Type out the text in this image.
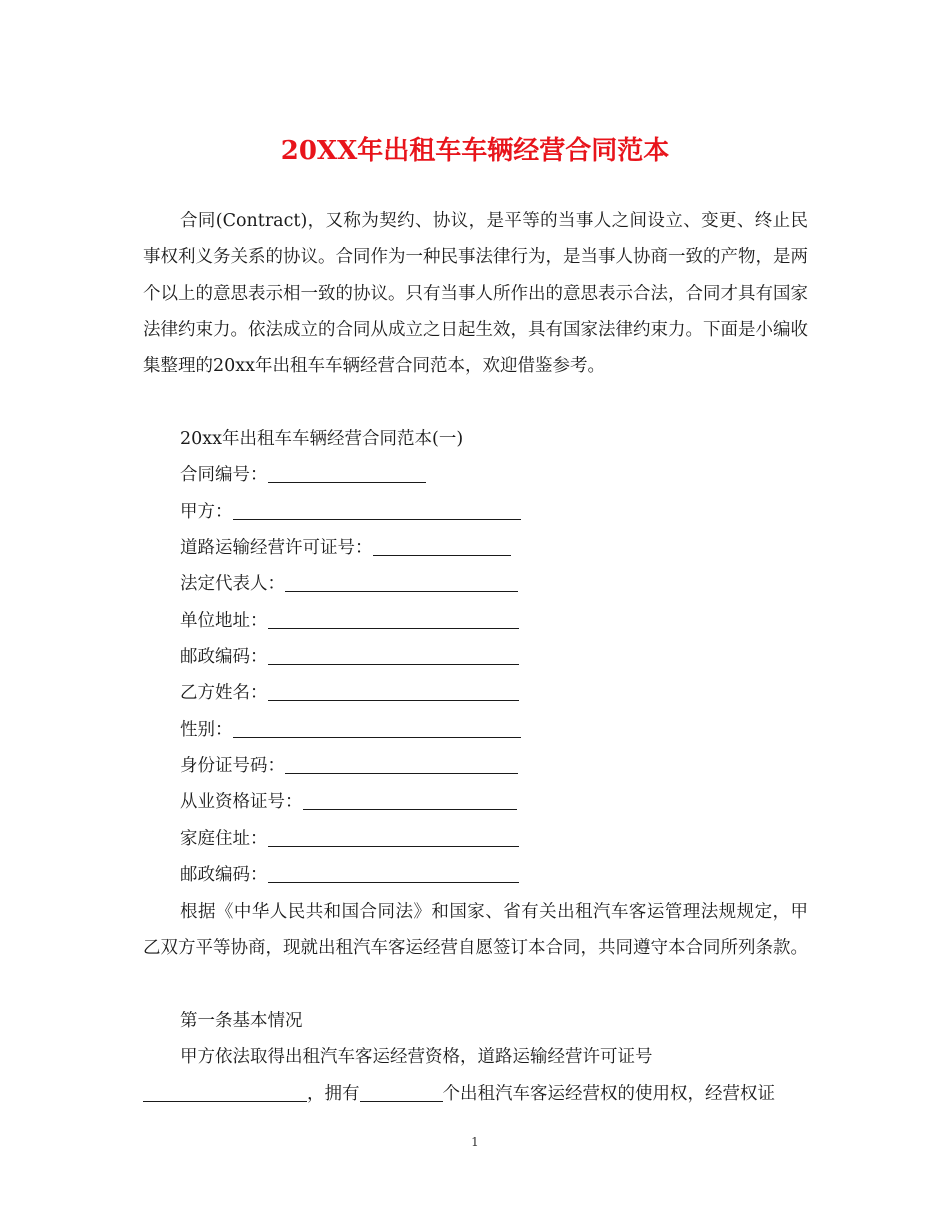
20XX年出租车车辆经营合同范本

合同(Contract)，又称为契约、协议，是平等的当事人之间设立、变更、终止民事权利义务关系的协议。合同作为一种民事法律行为，是当事人协商一致的产物，是两个以上的意思表示相一致的协议。只有当事人所作出的意思表示合法，合同才具有国家法律约束力。依法成立的合同从成立之日起生效，具有国家法律约束力。下面是小编收集整理的20xx年出租车车辆经营合同范本，欢迎借鉴参考。

20xx年出租车车辆经营合同范本(一)

合同编号：

甲方：

道路运输经营许可证号：

法定代表人：

单位地址：

邮政编码：

乙方姓名：

性别：

身份证号码：

从业资格证号：

家庭住址：

邮政编码：

根据《中华人民共和国合同法》和国家、省有关出租汽车客运管理法规规定，甲乙双方平等协商，现就出租汽车客运经营自愿签订本合同，共同遵守本合同所列条款。

第一条基本情况

甲方依法取得出租汽车客运经营资格，道路运输经营许可证号

，拥有	个出租汽车客运经营权的使用权，经营权证

1
